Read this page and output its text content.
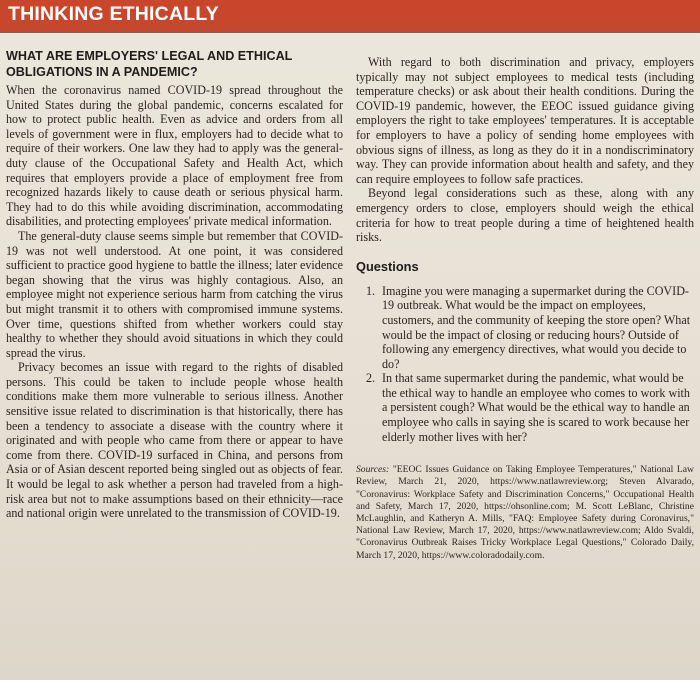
THINKING ETHICALLY
WHAT ARE EMPLOYERS' LEGAL AND ETHICAL OBLIGATIONS IN A PANDEMIC?

When the coronavirus named COVID-19 spread throughout the United States during the global pandemic, concerns escalated for how to protect public health. Even as advice and orders from all levels of government were in flux, employers had to decide what to require of their workers. One law they had to apply was the general-duty clause of the Occupational Safety and Health Act, which requires that employers provide a place of employment free from recognized hazards likely to cause death or serious physical harm. They had to do this while avoiding discrimination, accommodating disabilities, and protecting employees' private medical information.

The general-duty clause seems simple but remember that COVID-19 was not well understood. At one point, it was considered sufficient to practice good hygiene to battle the illness; later evidence began showing that the virus was highly contagious. Also, an employee might not experience serious harm from catching the virus but might transmit it to others with compromised immune systems. Over time, questions shifted from whether workers could stay healthy to whether they should avoid situations in which they could spread the virus.

Privacy becomes an issue with regard to the rights of disabled persons. This could be taken to include people whose health conditions make them more vulnerable to serious illness. Another sensitive issue related to discrimination is that historically, there has been a tendency to associate a disease with the country where it originated and with people who came from there or appear to have come from there. COVID-19 surfaced in China, and persons from Asia or of Asian descent reported being singled out as objects of fear. It would be legal to ask whether a person had traveled from a high-risk area but not to make assumptions based on their ethnicity—race and national origin were unrelated to the transmission of COVID-19.

With regard to both discrimination and privacy, employers typically may not subject employees to medical tests (including temperature checks) or ask about their health conditions. During the COVID-19 pandemic, however, the EEOC issued guidance giving employers the right to take employees' temperatures. It is acceptable for employers to have a policy of sending home employees with obvious signs of illness, as long as they do it in a nondiscriminatory way. They can provide information about health and safety, and they can require employees to follow safe practices.

Beyond legal considerations such as these, along with any emergency orders to close, employers should weigh the ethical criteria for how to treat people during a time of heightened health risks.

Questions
1. Imagine you were managing a supermarket during the COVID-19 outbreak. What would be the impact on employees, customers, and the community of keeping the store open? What would be the impact of closing or reducing hours? Outside of following any emergency directives, what would you decide to do?
2. In that same supermarket during the pandemic, what would be the ethical way to handle an employee who comes to work with a persistent cough? What would be the ethical way to handle an employee who calls in saying she is scared to work because her elderly mother lives with her?
Sources: "EEOC Issues Guidance on Taking Employee Temperatures," National Law Review, March 21, 2020, https://www.natlawreview.org; Steven Alvarado, "Coronavirus: Workplace Safety and Discrimination Concerns," Occupational Health and Safety, March 17, 2020, https://ohsonline.com; M. Scott LeBlanc, Christine McLaughlin, and Katheryn A. Mills, "FAQ: Employee Safety during Coronavirus," National Law Review, March 17, 2020, https://www.natlawreview.com; Aldo Svaldi, "Coronavirus Outbreak Raises Tricky Workplace Legal Questions," Colorado Daily, March 17, 2020, https://www.coloradodaily.com.
